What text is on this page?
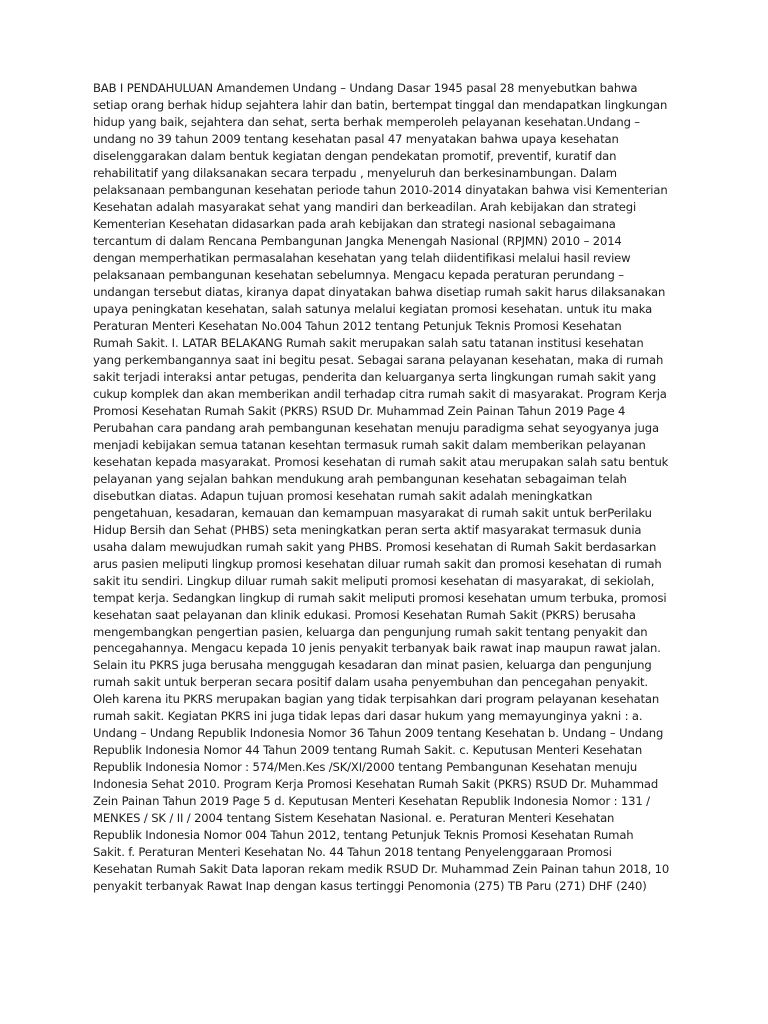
BAB I PENDAHULUAN Amandemen Undang – Undang Dasar 1945 pasal 28 menyebutkan bahwa
setiap orang berhak hidup sejahtera lahir dan batin, bertempat tinggal dan mendapatkan lingkungan
hidup yang baik, sejahtera dan sehat, serta berhak memperoleh pelayanan kesehatan.Undang –
undang no 39 tahun 2009 tentang kesehatan pasal 47 menyatakan bahwa upaya kesehatan
diselenggarakan dalam bentuk kegiatan dengan pendekatan promotif, preventif, kuratif dan
rehabilitatif yang dilaksanakan secara terpadu , menyeluruh dan berkesinambungan. Dalam
pelaksanaan pembangunan kesehatan periode tahun 2010-2014 dinyatakan bahwa visi Kementerian
Kesehatan adalah masyarakat sehat yang mandiri dan berkeadilan. Arah kebijakan dan strategi
Kementerian Kesehatan didasarkan pada arah kebijakan dan strategi nasional sebagaimana
tercantum di dalam Rencana Pembangunan Jangka Menengah Nasional (RPJMN) 2010 – 2014
dengan memperhatikan permasalahan kesehatan yang telah diidentifikasi melalui hasil review
pelaksanaan pembangunan kesehatan sebelumnya. Mengacu kepada peraturan perundang –
undangan tersebut diatas, kiranya dapat dinyatakan bahwa disetiap rumah sakit harus dilaksanakan
upaya peningkatan kesehatan, salah satunya melalui kegiatan promosi kesehatan. untuk itu maka
Peraturan Menteri Kesehatan No.004 Tahun 2012 tentang Petunjuk Teknis Promosi Kesehatan
Rumah Sakit. I. LATAR BELAKANG Rumah sakit merupakan salah satu tatanan institusi kesehatan
yang perkembangannya saat ini begitu pesat. Sebagai sarana pelayanan kesehatan, maka di rumah
sakit terjadi interaksi antar petugas, penderita dan keluarganya serta lingkungan rumah sakit yang
cukup komplek dan akan memberikan andil terhadap citra rumah sakit di masyarakat. Program Kerja
Promosi Kesehatan Rumah Sakit (PKRS) RSUD Dr. Muhammad Zein Painan Tahun 2019 Page 4
Perubahan cara pandang arah pembangunan kesehatan menuju paradigma sehat seyogyanya juga
menjadi kebijakan semua tatanan kesehtan termasuk rumah sakit dalam memberikan pelayanan
kesehatan kepada masyarakat. Promosi kesehatan di rumah sakit atau merupakan salah satu bentuk
pelayanan yang sejalan bahkan mendukung arah pembangunan kesehatan sebagaiman telah
disebutkan diatas. Adapun tujuan promosi kesehatan rumah sakit adalah meningkatkan
pengetahuan, kesadaran, kemauan dan kemampuan masyarakat di rumah sakit untuk berPerilaku
Hidup Bersih dan Sehat (PHBS) seta meningkatkan peran serta aktif masyarakat termasuk dunia
usaha dalam mewujudkan rumah sakit yang PHBS. Promosi kesehatan di Rumah Sakit berdasarkan
arus pasien meliputi lingkup promosi kesehatan diluar rumah sakit dan promosi kesehatan di rumah
sakit itu sendiri. Lingkup diluar rumah sakit meliputi promosi kesehatan di masyarakat, di sekiolah,
tempat kerja. Sedangkan lingkup di rumah sakit meliputi promosi kesehatan umum terbuka, promosi
kesehatan saat pelayanan dan klinik edukasi. Promosi Kesehatan Rumah Sakit (PKRS) berusaha
mengembangkan pengertian pasien, keluarga dan pengunjung rumah sakit tentang penyakit dan
pencegahannya. Mengacu kepada 10 jenis penyakit terbanyak baik rawat inap maupun rawat jalan.
Selain itu PKRS juga berusaha menggugah kesadaran dan minat pasien, keluarga dan pengunjung
rumah sakit untuk berperan secara positif dalam usaha penyembuhan dan pencegahan penyakit.
Oleh karena itu PKRS merupakan bagian yang tidak terpisahkan dari program pelayanan kesehatan
rumah sakit. Kegiatan PKRS ini juga tidak lepas dari dasar hukum yang memayunginya yakni : a.
Undang – Undang Republik Indonesia Nomor 36 Tahun 2009 tentang Kesehatan b. Undang – Undang
Republik Indonesia Nomor 44 Tahun 2009 tentang Rumah Sakit. c. Keputusan Menteri Kesehatan
Republik Indonesia Nomor : 574/Men.Kes /SK/XI/2000 tentang Pembangunan Kesehatan menuju
Indonesia Sehat 2010. Program Kerja Promosi Kesehatan Rumah Sakit (PKRS) RSUD Dr. Muhammad
Zein Painan Tahun 2019 Page 5 d. Keputusan Menteri Kesehatan Republik Indonesia Nomor : 131 /
MENKES / SK / II / 2004 tentang Sistem Kesehatan Nasional. e. Peraturan Menteri Kesehatan
Republik Indonesia Nomor 004 Tahun 2012, tentang Petunjuk Teknis Promosi Kesehatan Rumah
Sakit. f. Peraturan Menteri Kesehatan No. 44 Tahun 2018 tentang Penyelenggaraan Promosi
Kesehatan Rumah Sakit Data laporan rekam medik RSUD Dr. Muhammad Zein Painan tahun 2018, 10
penyakit terbanyak Rawat Inap dengan kasus tertinggi Penomonia (275) TB Paru (271) DHF (240)
